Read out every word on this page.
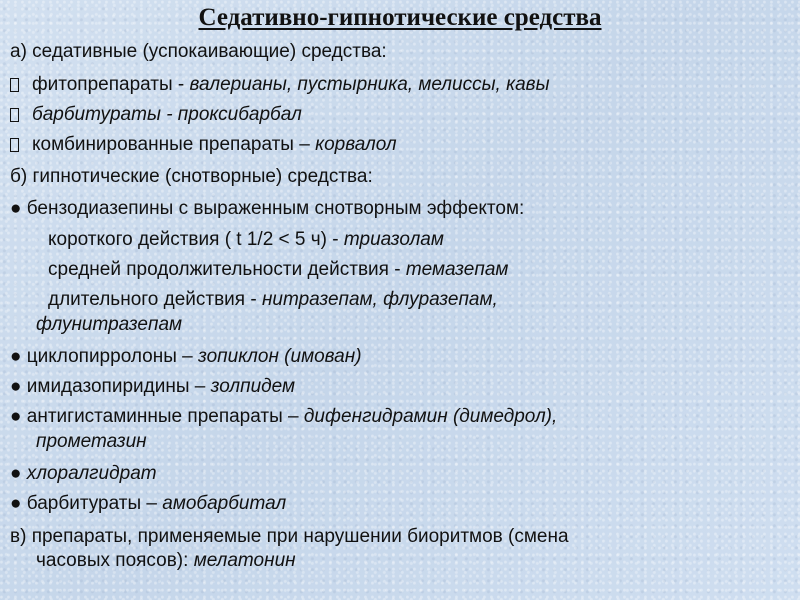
Седативно-гипнотические средства
а) седативные (успокаивающие) средства:
фитопрепараты - валерианы, пустырника, мелиссы, кавы
барбитураты - проксибарбал
комбинированные препараты – корвалол
б) гипнотические (снотворные) средства:
● бензодиазепины с выраженным снотворным эффектом:
короткого действия ( t 1/2 < 5 ч) - триазолам
средней продолжительности действия - темазепам
длительного действия - нитразепам, флуразепам,
флунитразепам
● циклопирролоны – зопиклон (имован)
● имидазопиридины – золпидем
● антигистаминные препараты – дифенгидрамин (димедрол),
прометазин
● хлоралгидрат
● барбитураты – амобарбитал
в) препараты, применяемые при нарушении биоритмов (смена
часовых поясов): мелатонин
